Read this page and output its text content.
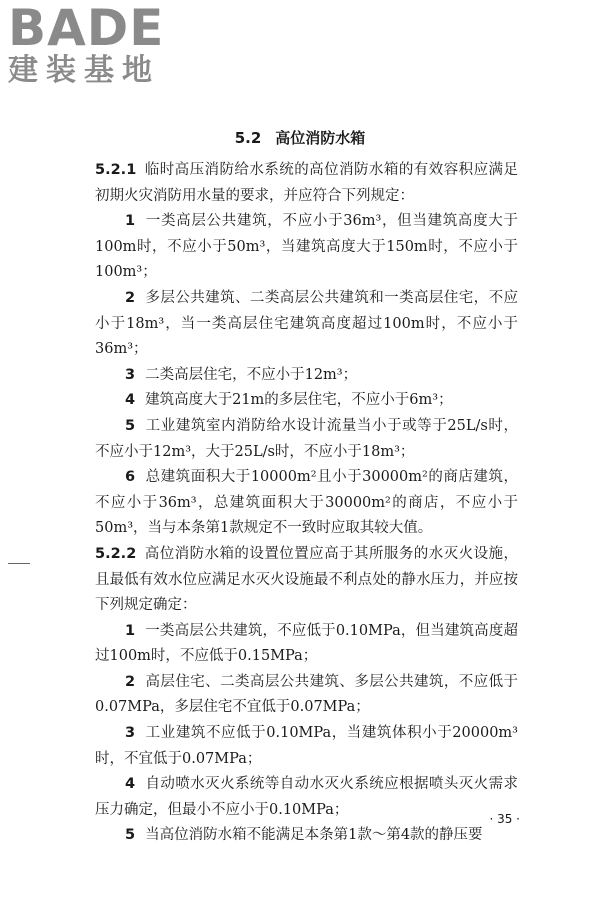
BADE
建装基地
5.2 高位消防水箱

5.2.1 临时高压消防给水系统的高位消防水箱的有效容积应满足初期火灾消防用水量的要求，并应符合下列规定：

1 一类高层公共建筑，不应小于36m³，但当建筑高度大于100m时，不应小于50m³，当建筑高度大于150m时，不应小于100m³；

2 多层公共建筑、二类高层公共建筑和一类高层住宅，不应小于18m³，当一类高层住宅建筑高度超过100m时，不应小于36m³；

3 二类高层住宅，不应小于12m³；

4 建筑高度大于21m的多层住宅，不应小于6m³；

5 工业建筑室内消防给水设计流量当小于或等于25L/s时，不应小于12m³，大于25L/s时，不应小于18m³；

6 总建筑面积大于10000m²且小于30000m²的商店建筑，不应小于36m³，总建筑面积大于30000m²的商店，不应小于50m³，当与本条第1款规定不一致时应取其较大值。

5.2.2 高位消防水箱的设置位置应高于其所服务的水灭火设施，且最低有效水位应满足水灭火设施最不利点处的静水压力，并应按下列规定确定：

1 一类高层公共建筑，不应低于0.10MPa，但当建筑高度超过100m时，不应低于0.15MPa；

2 高层住宅、二类高层公共建筑、多层公共建筑，不应低于0.07MPa，多层住宅不宜低于0.07MPa；

3 工业建筑不应低于0.10MPa，当建筑体积小于20000m³时，不宜低于0.07MPa；

4 自动喷水灭火系统等自动水灭火系统应根据喷头灭火需求压力确定，但最小不应小于0.10MPa；

5 当高位消防水箱不能满足本条第1款～第4款的静压要

· 35 ·
